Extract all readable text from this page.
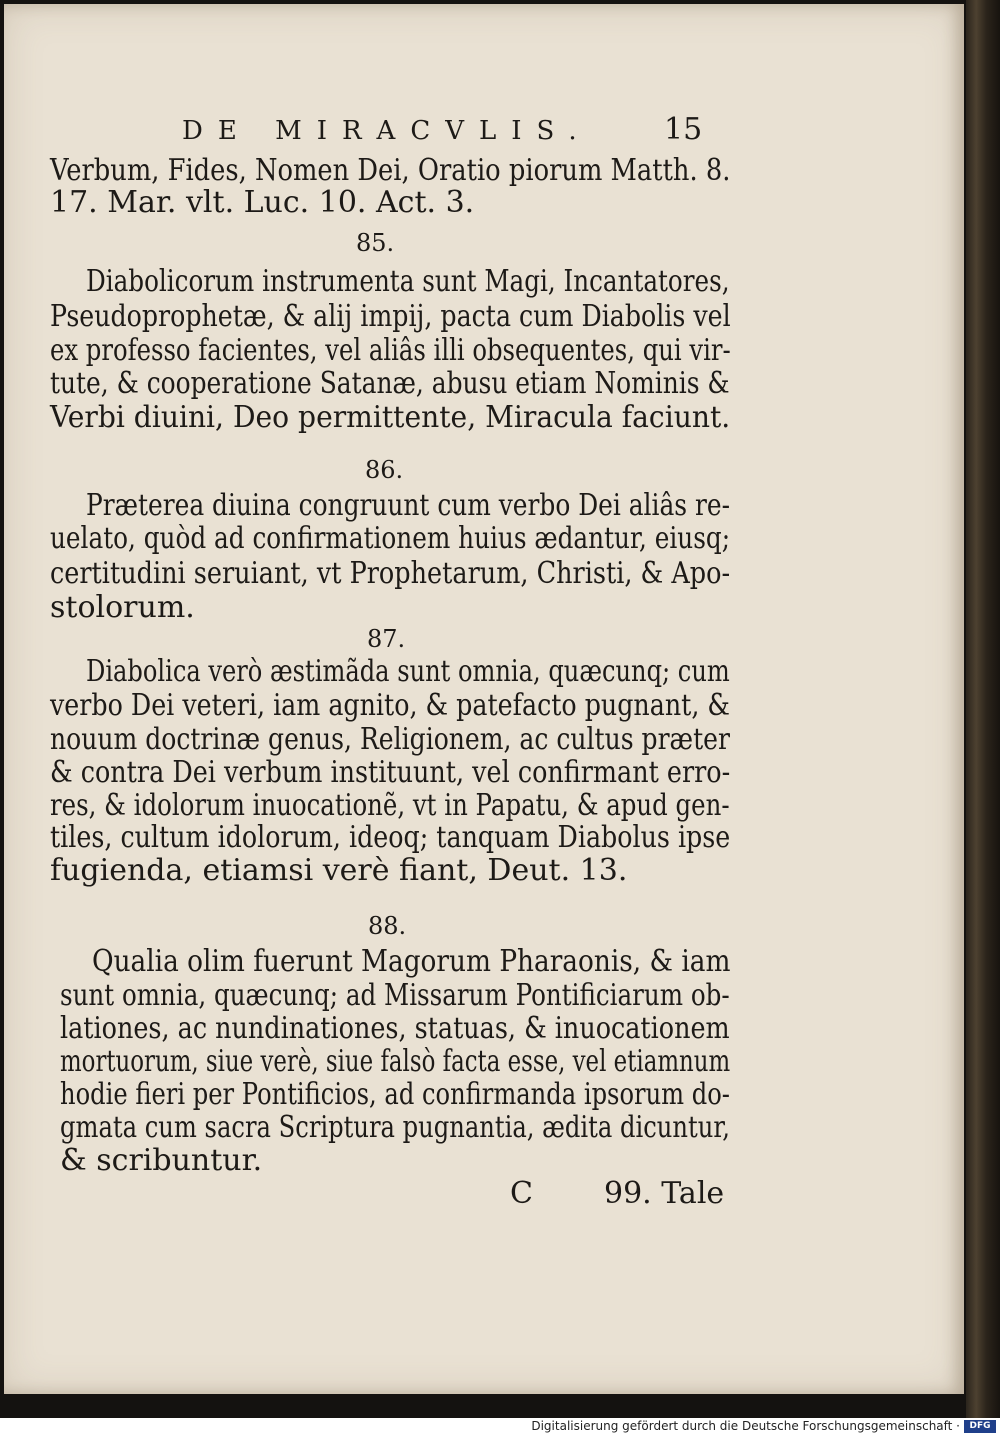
DE MIRACVLIS. 15
Verbum, Fides, Nomen Dei, Oratio piorum Matth. 8.
17. Mar. vlt. Luc. 10. Act. 3.
85.
Diabolicorum instrumenta sunt Magi, Incantatores,
Pseudoprophetæ, & alij impij, pacta cum Diabolis vel
ex professo facientes, vel aliâs illi obsequentes, qui vir-
tute, & cooperatione Satanæ, abusu etiam Nominis &
Verbi diuini, Deo permittente, Miracula faciunt.
86.
Præterea diuina congruunt cum verbo Dei aliâs re-
uelato, quòd ad confirmationem huius ædantur, eiusq;
certitudini seruiant, vt Prophetarum, Christi, & Apo-
stolorum.
87.
Diabolica verò æstimãda sunt omnia, quæcunq; cum
verbo Dei veteri, iam agnito, & patefacto pugnant, &
nouum doctrinæ genus, Religionem, ac cultus præter
& contra Dei verbum instituunt, vel confirmant erro-
res, & idolorum inuocationẽ, vt in Papatu, & apud gen-
tiles, cultum idolorum, ideoq; tanquam Diabolus ipse
fugienda, etiamsi verè fiant, Deut. 13.
88.
Qualia olim fuerunt Magorum Pharaonis, & iam
sunt omnia, quæcunq; ad Missarum Pontificiarum ob-
lationes, ac nundinationes, statuas, & inuocationem
mortuorum, siue verè, siue falsò facta esse, vel etiamnum
hodie fieri per Pontificios, ad confirmanda ipsorum do-
gmata cum sacra Scriptura pugnantia, ædita dicuntur,
& scribuntur.
C 99. Tale
Digitalisierung gefördert durch die Deutsche Forschungsgemeinschaft ·	DFG
